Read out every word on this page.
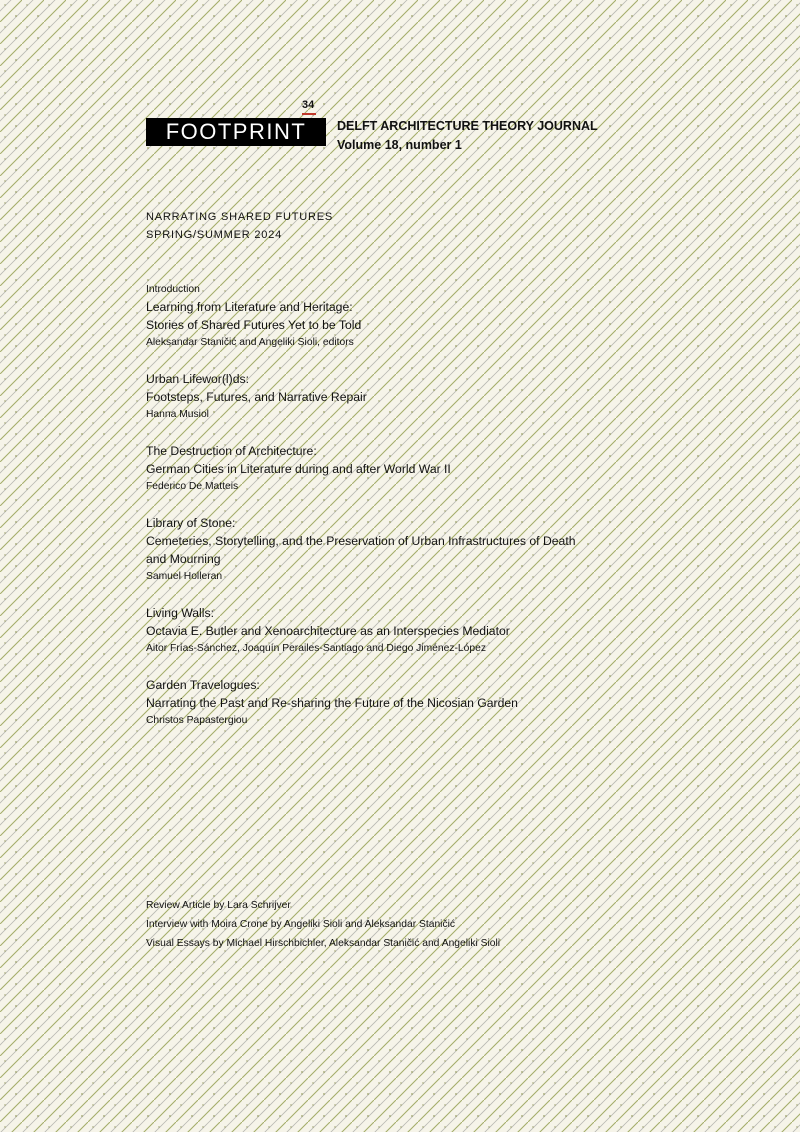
34
FOOTPRINT	DELFT ARCHITECTURE THEORY JOURNAL
Volume 18, number 1
NARRATING SHARED FUTURES
SPRING/SUMMER 2024
Introduction
Learning from Literature and Heritage:
Stories of Shared Futures Yet to be Told
Aleksandar Staničić and Angeliki Sioli, editors
Urban Lifewor(l)ds:
Footsteps, Futures, and Narrative Repair
Hanna Musiol
The Destruction of Architecture:
German Cities in Literature during and after World War II
Federico De Matteis
Library of Stone:
Cemeteries, Storytelling, and the Preservation of Urban Infrastructures of Death
and Mourning
Samuel Holleran
Living Walls:
Octavia E. Butler and Xenoarchitecture as an Interspecies Mediator
Aitor Frías-Sánchez, Joaquín Perailes-Santiago and Diego Jiménez-López
Garden Travelogues:
Narrating the Past and Re-sharing the Future of the Nicosian Garden
Christos Papastergiou
Review Article by Lara Schrijver
Interview with Moira Crone by Angeliki Sioli and Aleksandar Staničić
Visual Essays by Michael Hirschbichler, Aleksandar Staničić and Angeliki Sioli
